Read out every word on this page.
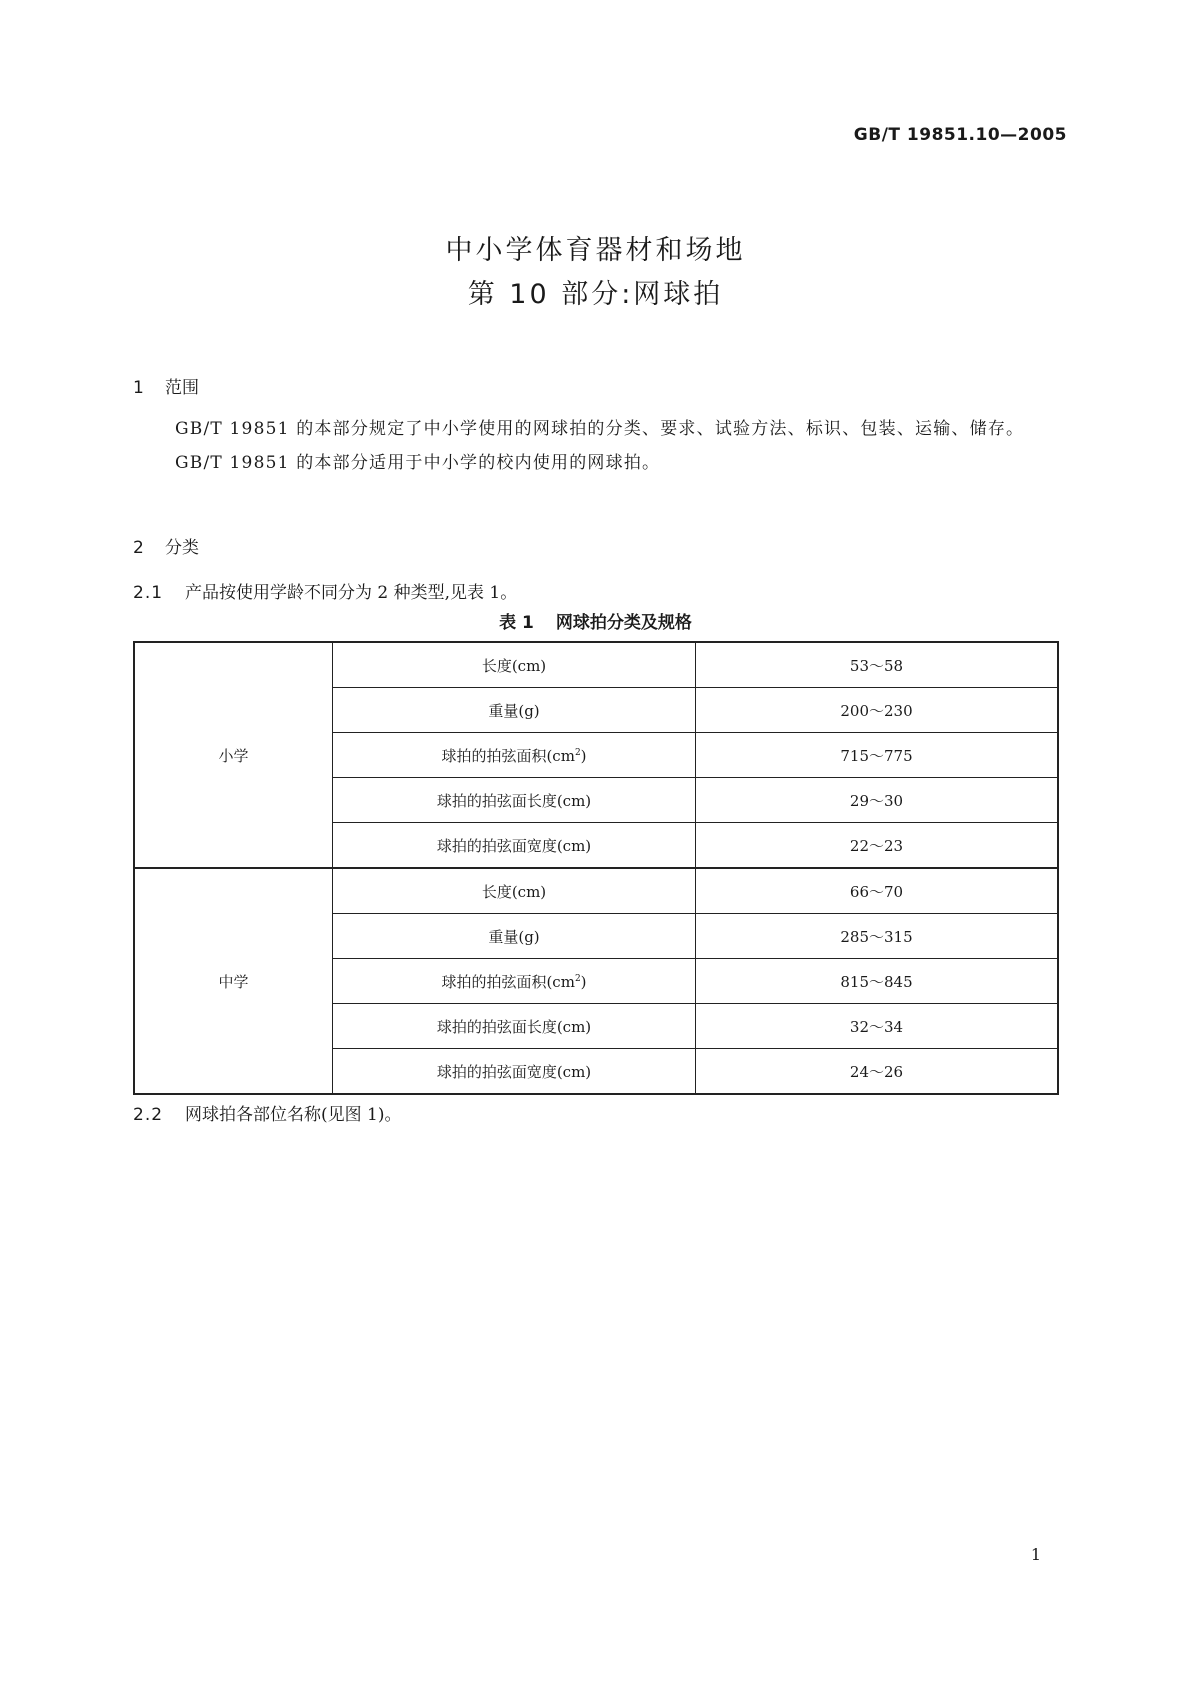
GB/T 19851.10—2005
中小学体育器材和场地
第 10 部分:网球拍
1 范围

GB/T 19851 的本部分规定了中小学使用的网球拍的分类、要求、试验方法、标识、包装、运输、储存。

GB/T 19851 的本部分适用于中小学的校内使用的网球拍。

2 分类
2.1 产品按使用学龄不同分为 2 种类型,见表 1。
表 1 网球拍分类及规格
小学	长度(cm)	53～58
	重量(g)	200～230
	球拍的拍弦面积$(cm^2)$	715～775
	球拍的拍弦面长度(cm)	29～30
	球拍的拍弦面宽度(cm)	22～23
中学	长度(cm)	66～70
	重量(g)	285～315
	球拍的拍弦面积$(cm^2)$	815～845
	球拍的拍弦面长度(cm)	32～34
	球拍的拍弦面宽度(cm)	24～26
2.2 网球拍各部位名称(见图 1)。
1
